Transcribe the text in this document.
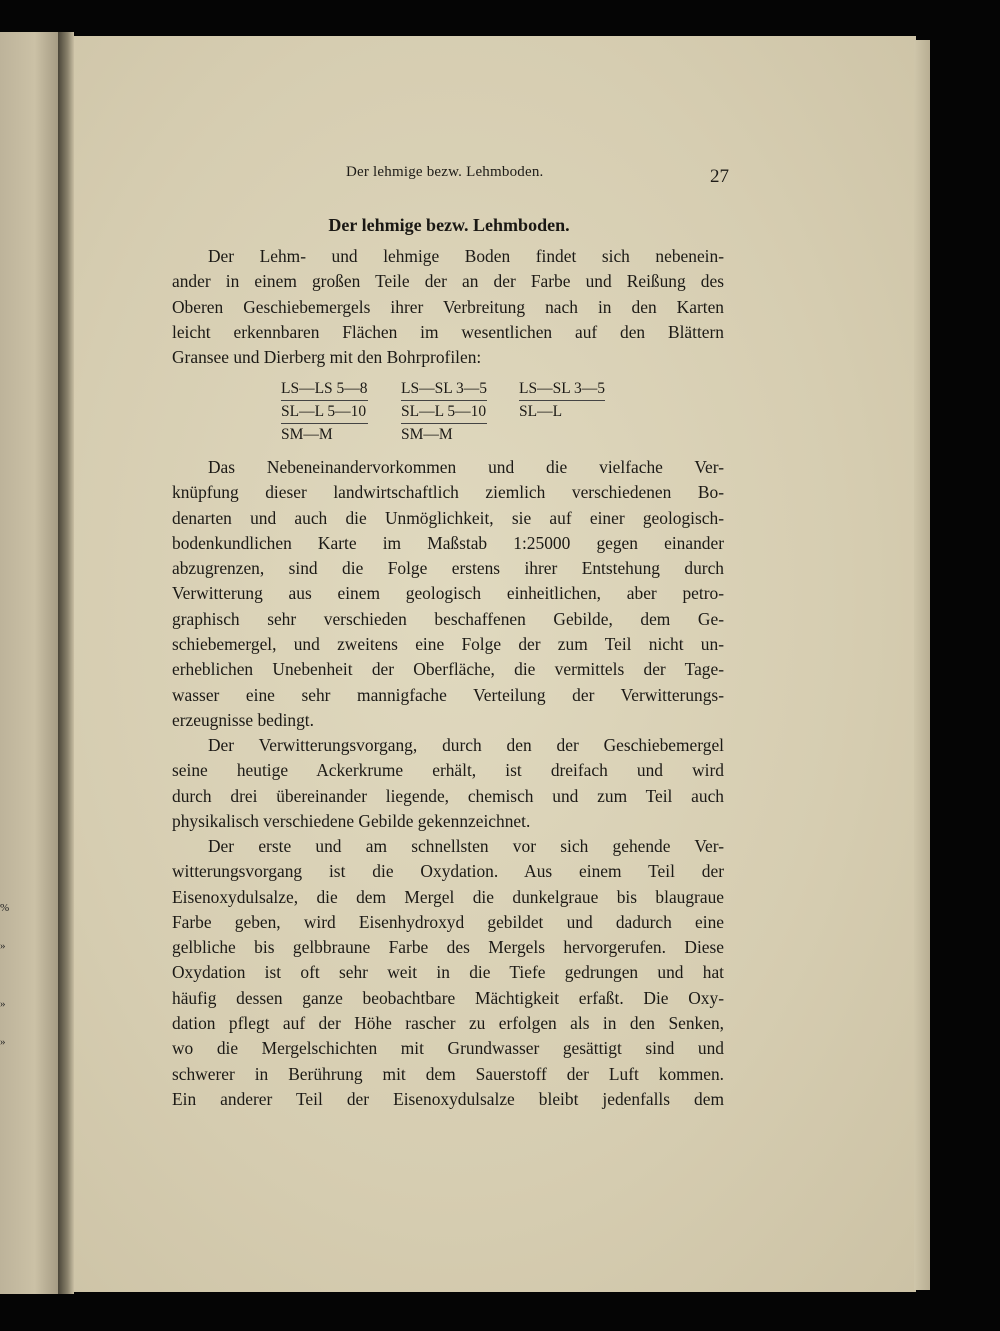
%
»
»
»
Der lehmige bezw. Lehmboden.	27
Der lehmige bezw. Lehmboden.
Der Lehm- und lehmige Boden findet sich nebenein-
ander in einem großen Teile der an der Farbe und Reißung des
Oberen Geschiebemergels ihrer Verbreitung nach in den Karten
leicht erkennbaren Flächen im wesentlichen auf den Blättern
Gransee und Dierberg mit den Bohrprofilen:
LS—LS 5—8
SL—L 5—10
SM—M
LS—SL 3—5
SL—L 5—10
SM—M
LS—SL 3—5
SL—L
Das Nebeneinandervorkommen und die vielfache Ver-
knüpfung dieser landwirtschaftlich ziemlich verschiedenen Bo-
denarten und auch die Unmöglichkeit, sie auf einer geologisch-
bodenkundlichen Karte im Maßstab 1:25000 gegen einander
abzugrenzen, sind die Folge erstens ihrer Entstehung durch
Verwitterung aus einem geologisch einheitlichen, aber petro-
graphisch sehr verschieden beschaffenen Gebilde, dem Ge-
schiebemergel, und zweitens eine Folge der zum Teil nicht un-
erheblichen Unebenheit der Oberfläche, die vermittels der Tage-
wasser eine sehr mannigfache Verteilung der Verwitterungs-
erzeugnisse bedingt.
Der Verwitterungsvorgang, durch den der Geschiebemergel
seine heutige Ackerkrume erhält, ist dreifach und wird
durch drei übereinander liegende, chemisch und zum Teil auch
physikalisch verschiedene Gebilde gekennzeichnet.
Der erste und am schnellsten vor sich gehende Ver-
witterungsvorgang ist die Oxydation. Aus einem Teil der
Eisenoxydulsalze, die dem Mergel die dunkelgraue bis blaugraue
Farbe geben, wird Eisenhydroxyd gebildet und dadurch eine
gelbliche bis gelbbraune Farbe des Mergels hervorgerufen. Diese
Oxydation ist oft sehr weit in die Tiefe gedrungen und hat
häufig dessen ganze beobachtbare Mächtigkeit erfaßt. Die Oxy-
dation pflegt auf der Höhe rascher zu erfolgen als in den Senken,
wo die Mergelschichten mit Grundwasser gesättigt sind und
schwerer in Berührung mit dem Sauerstoff der Luft kommen.
Ein anderer Teil der Eisenoxydulsalze bleibt jedenfalls dem
